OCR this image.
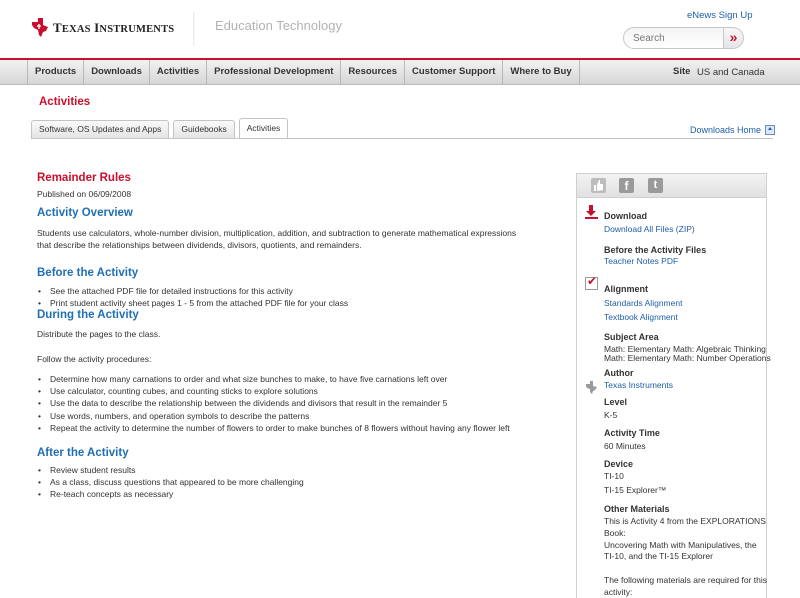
TEXAS INSTRUMENTS	Education Technology
eNews Sign Up
Search
»
Products	Downloads	Activities	Professional Development	Resources	Customer Support	Where to Buy	Site US and Canada
Activities
Software, OS Updates and Apps	Guidebooks	Activities	Downloads Home
Remainder Rules
Published on 06/09/2008
Activity Overview
Students use calculators, whole-number division, multiplication, addition, and subtraction to generate mathematical expressions that describe the relationships between dividends, divisors, quotients, and remainders.
Before the Activity
• See the attached PDF file for detailed instructions for this activity
• Print student activity sheet pages 1 - 5 from the attached PDF file for your class
During the Activity
Distribute the pages to the class.
Follow the activity procedures:
• Determine how many carnations to order and what size bunches to make, to have five carnations left over
• Use calculator, counting cubes, and counting sticks to explore solutions
• Use the data to describe the relationship between the dividends and divisors that result in the remainder 5
• Use words, numbers, and operation symbols to describe the patterns
• Repeat the activity to determine the number of flowers to order to make bunches of 8 flowers without having any flower left
After the Activity
• Review student results
• As a class, discuss questions that appeared to be more challenging
• Re-teach concepts as necessary
f	t
Download
Download All Files (ZIP)
Before the Activity Files
Teacher Notes PDF
✔
Alignment
Standards Alignment
Textbook Alignment
Subject Area
Math: Elementary Math: Algebraic Thinking
Math: Elementary Math: Number Operations
Author
Texas Instruments
Level
K-5
Activity Time
60 Minutes
Device
TI-10
TI-15 Explorer™
Other Materials
This is Activity 4 from the EXPLORATIONS
Book:
Uncovering Math with Manipulatives, the
TI-10, and the TI-15 Explorer
The following materials are required for this
activity:
